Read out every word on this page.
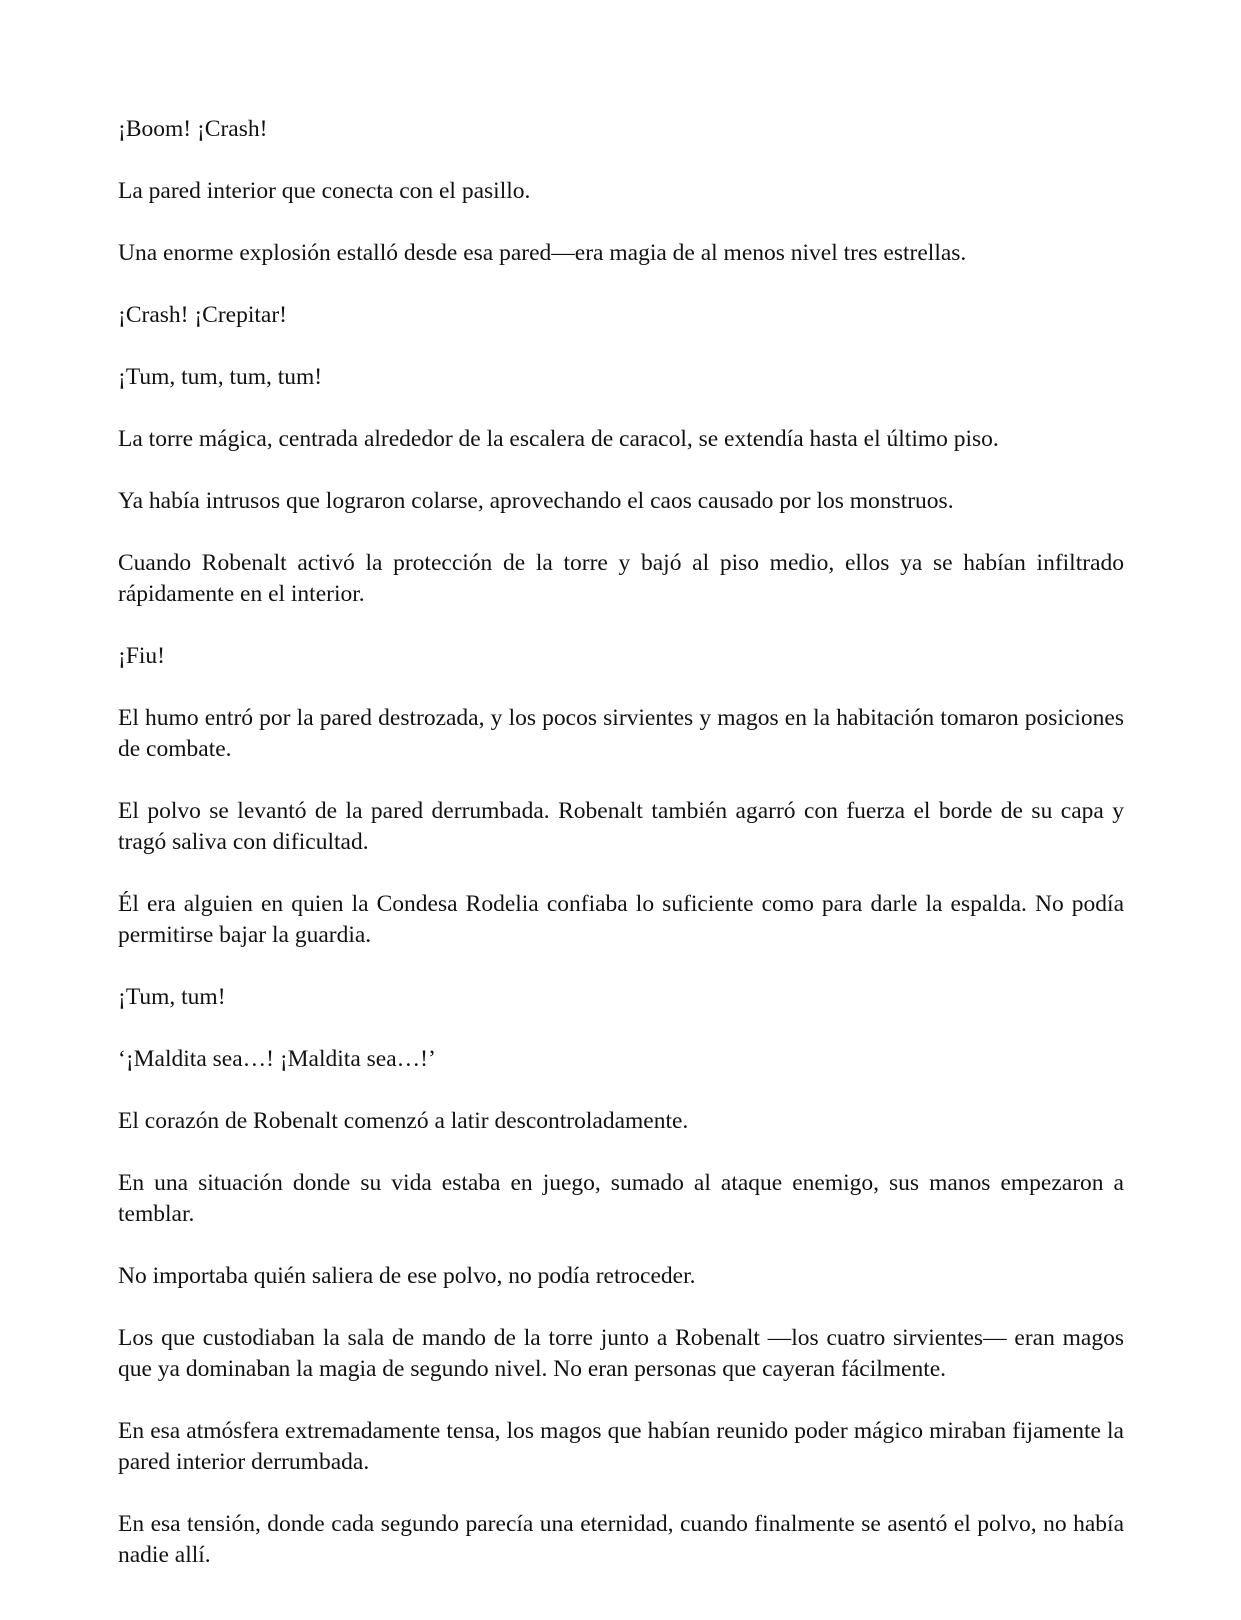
¡Boom! ¡Crash!

La pared interior que conecta con el pasillo.

Una enorme explosión estalló desde esa pared—era magia de al menos nivel tres estrellas.

¡Crash! ¡Crepitar!

¡Tum, tum, tum, tum!

La torre mágica, centrada alrededor de la escalera de caracol, se extendía hasta el último piso.

Ya había intrusos que lograron colarse, aprovechando el caos causado por los monstruos.

Cuando Robenalt activó la protección de la torre y bajó al piso medio, ellos ya se habían infiltrado rápidamente en el interior.

¡Fiu!

El humo entró por la pared destrozada, y los pocos sirvientes y magos en la habitación tomaron posiciones de combate.

El polvo se levantó de la pared derrumbada. Robenalt también agarró con fuerza el borde de su capa y tragó saliva con dificultad.

Él era alguien en quien la Condesa Rodelia confiaba lo suficiente como para darle la espalda. No podía permitirse bajar la guardia.

¡Tum, tum!

‘¡Maldita sea…! ¡Maldita sea…!’

El corazón de Robenalt comenzó a latir descontroladamente.

En una situación donde su vida estaba en juego, sumado al ataque enemigo, sus manos empezaron a temblar.

No importaba quién saliera de ese polvo, no podía retroceder.

Los que custodiaban la sala de mando de la torre junto a Robenalt —los cuatro sirvientes— eran magos que ya dominaban la magia de segundo nivel. No eran personas que cayeran fácilmente.

En esa atmósfera extremadamente tensa, los magos que habían reunido poder mágico miraban fijamente la pared interior derrumbada.

En esa tensión, donde cada segundo parecía una eternidad, cuando finalmente se asentó el polvo, no había nadie allí.
